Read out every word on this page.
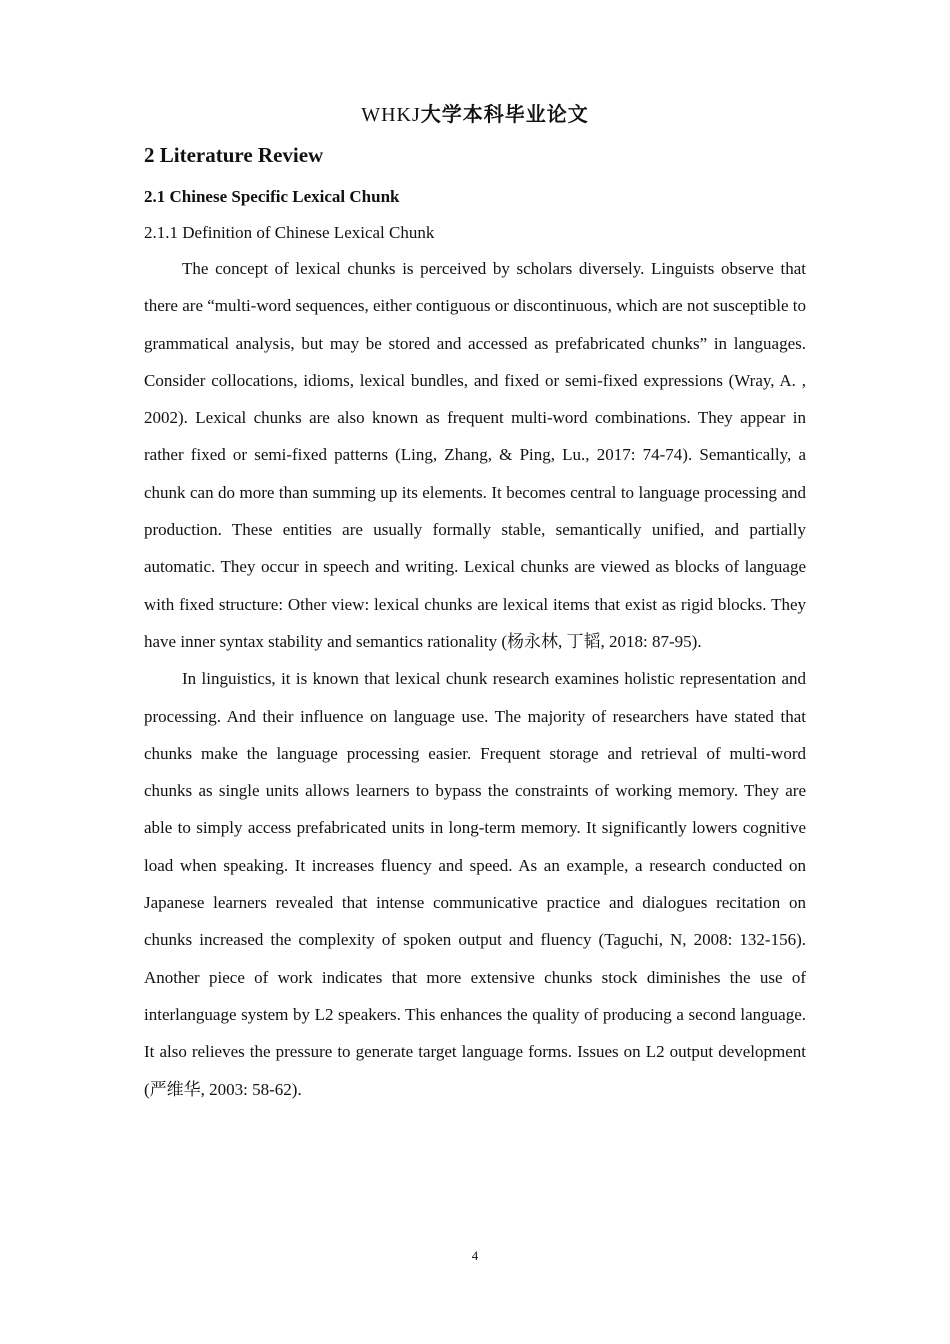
WHKJ大学本科毕业论文
2 Literature Review
2.1 Chinese Specific Lexical Chunk
2.1.1 Definition of Chinese Lexical Chunk

The concept of lexical chunks is perceived by scholars diversely. Linguists observe that there are “multi-word sequences, either contiguous or discontinuous, which are not susceptible to grammatical analysis, but may be stored and accessed as prefabricated chunks” in languages. Consider collocations, idioms, lexical bundles, and fixed or semi-fixed expressions (Wray, A. , 2002). Lexical chunks are also known as frequent multi-word combinations. They appear in rather fixed or semi-fixed patterns (Ling, Zhang, & Ping, Lu., 2017: 74-74). Semantically, a chunk can do more than summing up its elements. It becomes central to language processing and production. These entities are usually formally stable, semantically unified, and partially automatic. They occur in speech and writing. Lexical chunks are viewed as blocks of language with fixed structure: Other view: lexical chunks are lexical items that exist as rigid blocks. They have inner syntax stability and semantics rationality (杨永林, 丁韬, 2018: 87-95).

In linguistics, it is known that lexical chunk research examines holistic representation and processing. And their influence on language use. The majority of researchers have stated that chunks make the language processing easier. Frequent storage and retrieval of multi-word chunks as single units allows learners to bypass the constraints of working memory. They are able to simply access prefabricated units in long-term memory. It significantly lowers cognitive load when speaking. It increases fluency and speed. As an example, a research conducted on Japanese learners revealed that intense communicative practice and dialogues recitation on chunks increased the complexity of spoken output and fluency (Taguchi, N, 2008: 132-156). Another piece of work indicates that more extensive chunks stock diminishes the use of interlanguage system by L2 speakers. This enhances the quality of producing a second language. It also relieves the pressure to generate target language forms. Issues on L2 output development (严维华, 2003: 58-62).

4
